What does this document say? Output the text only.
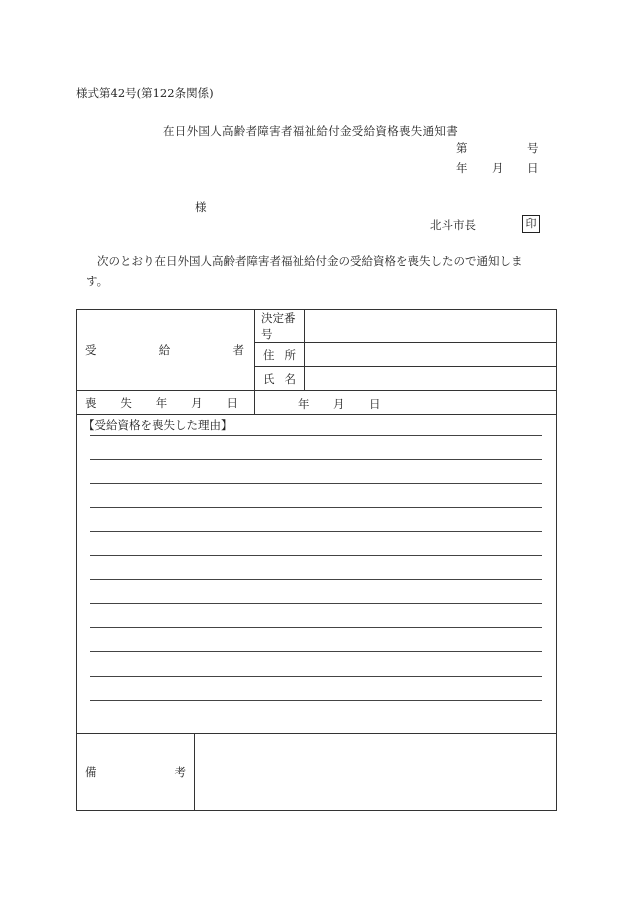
様式第42号(第122条関係)
在日外国人高齢者障害者福祉給付金受給資格喪失通知書
第	号
年 月 日
様
北斗市長	印
次のとおり在日外国人高齢者障害者福祉給付金の受給資格を喪失したので通知しま
す。
受 給 者		決定番号	

		住 所	

		氏 名	

喪 失 年 月 日		年 月 日	

【受給資格を喪失した理由】			

備 考			
